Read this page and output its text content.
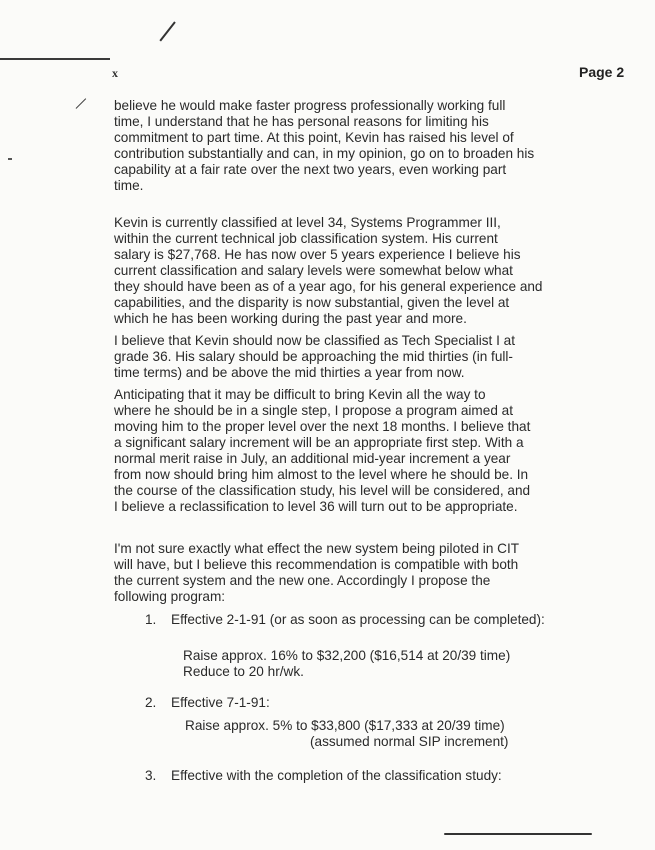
x	Page 2

believe he would make faster progress professionally working full
time, I understand that he has personal reasons for limiting his
commitment to part time. At this point, Kevin has raised his level of
contribution substantially and can, in my opinion, go on to broaden his
capability at a fair rate over the next two years, even working part
time.

Kevin is currently classified at level 34, Systems Programmer III,
within the current technical job classification system. His current
salary is $27,768. He has now over 5 years experience I believe his
current classification and salary levels were somewhat below what
they should have been as of a year ago, for his general experience and
capabilities, and the disparity is now substantial, given the level at
which he has been working during the past year and more.

I believe that Kevin should now be classified as Tech Specialist I at
grade 36. His salary should be approaching the mid thirties (in full-
time terms) and be above the mid thirties a year from now.

Anticipating that it may be difficult to bring Kevin all the way to
where he should be in a single step, I propose a program aimed at
moving him to the proper level over the next 18 months. I believe that
a significant salary increment will be an appropriate first step. With a
normal merit raise in July, an additional mid-year increment a year
from now should bring him almost to the level where he should be. In
the course of the classification study, his level will be considered, and
I believe a reclassification to level 36 will turn out to be appropriate.

I'm not sure exactly what effect the new system being piloted in CIT
will have, but I believe this recommendation is compatible with both
the current system and the new one. Accordingly I propose the
following program:

1. Effective 2-1-91 (or as soon as processing can be completed):
Raise approx. 16% to $32,200 ($16,514 at 20/39 time)
Reduce to 20 hr/wk.
2. Effective 7-1-91:
Raise approx. 5% to $33,800 ($17,333 at 20/39 time)
(assumed normal SIP increment)
3. Effective with the completion of the classification study:
